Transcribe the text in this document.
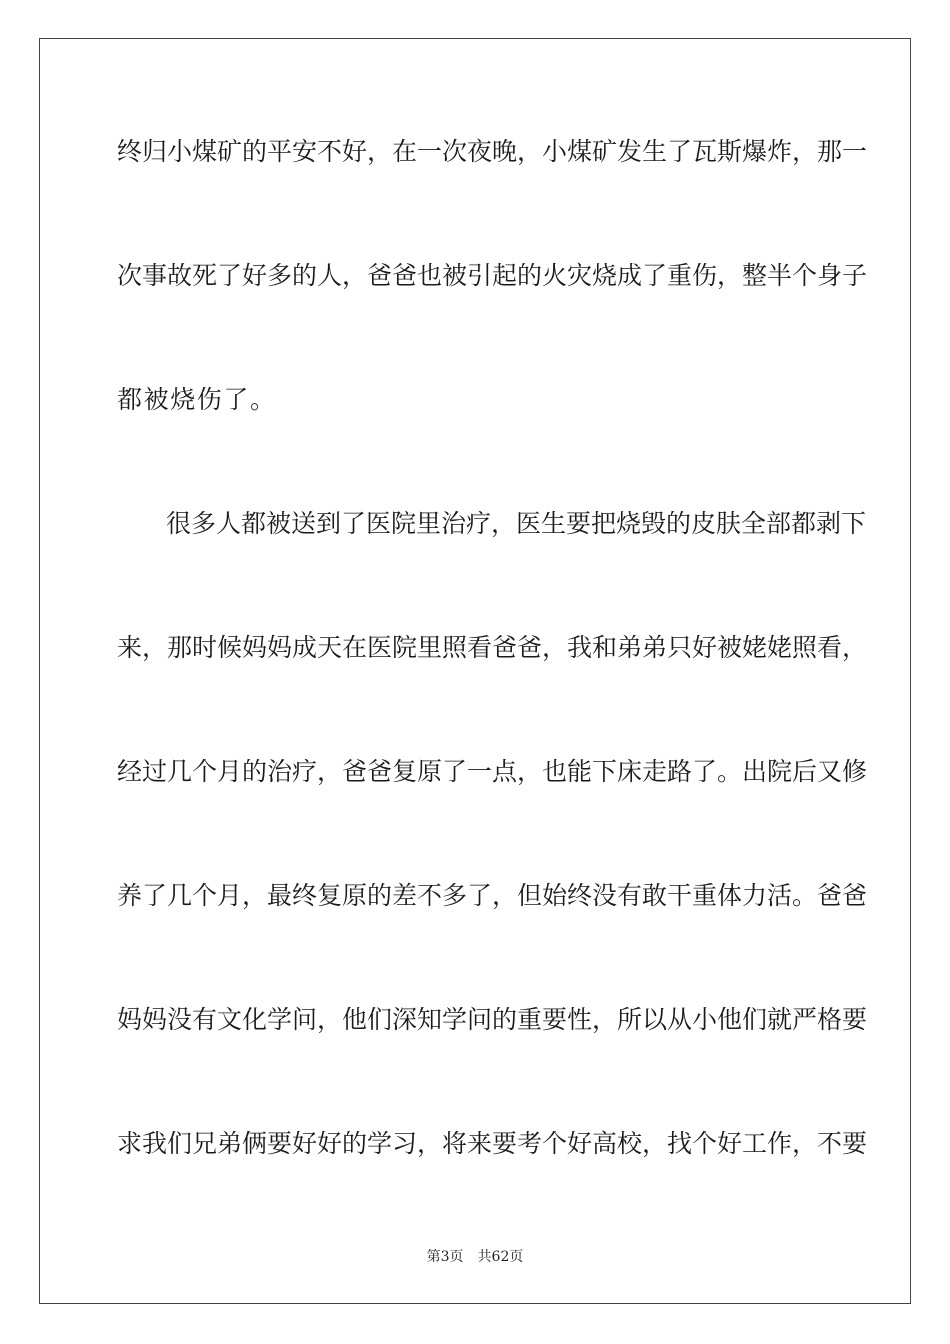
终归小煤矿的平安不好，在一次夜晚，小煤矿发生了瓦斯爆炸，那一
次事故死了好多的人，爸爸也被引起的火灾烧成了重伤，整半个身子
都被烧伤了。
很多人都被送到了医院里治疗，医生要把烧毁的皮肤全部都剥下
来，那时候妈妈成天在医院里照看爸爸，我和弟弟只好被姥姥照看，
经过几个月的治疗，爸爸复原了一点，也能下床走路了。出院后又修
养了几个月，最终复原的差不多了，但始终没有敢干重体力活。爸爸
妈妈没有文化学问，他们深知学问的重要性，所以从小他们就严格要
求我们兄弟俩要好好的学习，将来要考个好高校，找个好工作，不要
第3页 共62页
